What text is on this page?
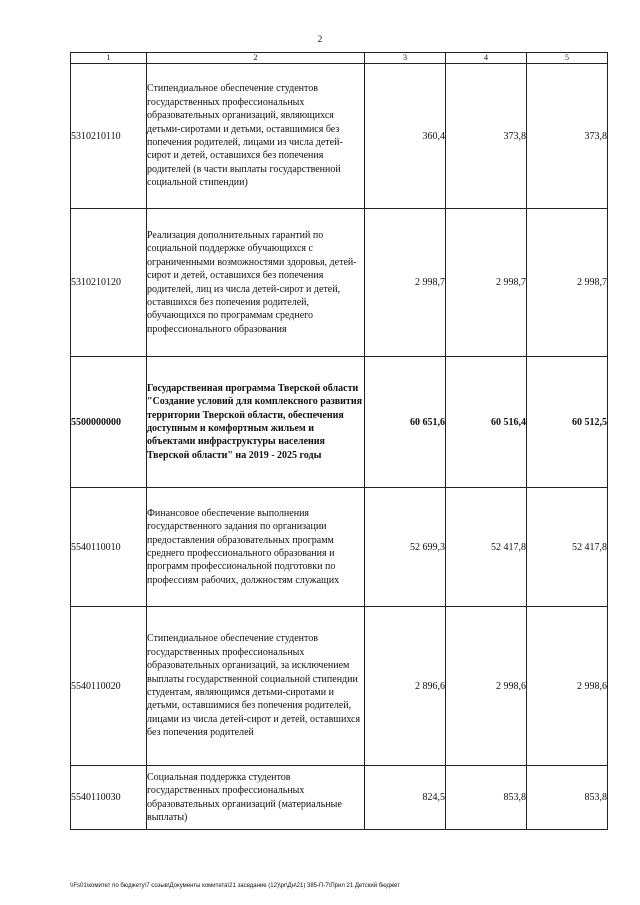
2
1	2	3	4	5
5310210110	Стипендиальное обеспечение студентов государственных профессиональных образовательных организаций, являющихся детьми-сиротами и детьми, оставшимися без попечения родителей, лицами из числа детей-сирот и детей, оставшихся без попечения родителей (в части выплаты государственной социальной стипендии)	360,4	373,8	373,8
5310210120	Реализация дополнительных гарантий по социальной поддержке обучающихся с ограниченными возможностями здоровья, детей-сирот и детей, оставшихся без попечения родителей, лиц из числа детей-сирот и детей, оставшихся без попечения родителей, обучающихся по программам среднего профессионального образования	2 998,7	2 998,7	2 998,7
5500000000	Государственная программа Тверской области "Создание условий для комплексного развития территории Тверской области, обеспечения доступным и комфортным жильем и объектами инфраструктуры населения Тверской области" на 2019 - 2025 годы	60 651,6	60 516,4	60 512,5
5540110010	Финансовое обеспечение выполнения государственного задания по организации предоставления образовательных программ среднего профессионального образования и программ профессиональной подготовки по профессиям рабочих, должностям служащих	52 699,3	52 417,8	52 417,8
5540110020	Стипендиальное обеспечение студентов государственных профессиональных образовательных организаций, за исключением выплаты государственной социальной стипендии студентам, являющимся детьми-сиротами и детьми, оставшимися без попечения родителей, лицами из числа детей-сирот и детей, оставшихся без попечения родителей	2 896,6	2 998,6	2 998,6
5540110030	Социальная поддержка студентов государственных профессиональных образовательных организаций (материальные выплаты)	824,5	853,8	853,8
\\Fs01\комитет по бюджету\7 созыв\Документы комитета\21 заседание (12)\pr\Дн\21) 385-П-7\Прил 21 Детский бюджет
